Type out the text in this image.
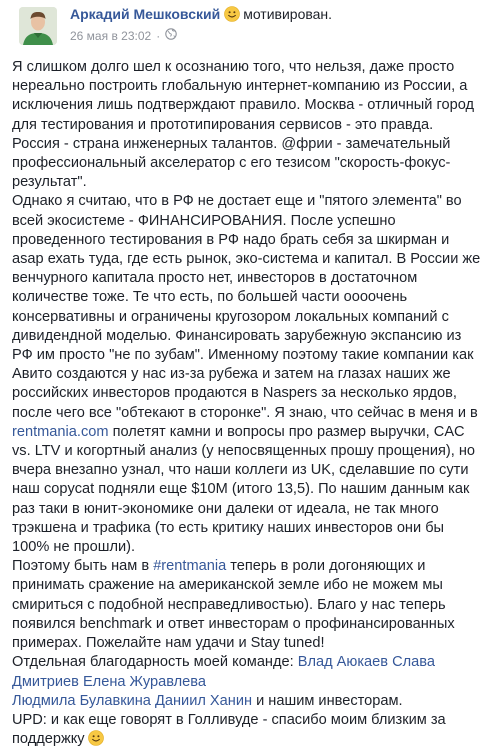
Аркадий Мешковский мотивирован.
26 мая в 23:02 ·

Я слишком долго шел к осознанию того, что нельзя, даже просто нереально построить глобальную интернет-компанию из России, а исключения лишь подтверждают правило. Москва - отличный город для тестирования и прототипирования сервисов - это правда. Россия - страна инженерных талантов. @фрии - замечательный профессиональный акселератор с его тезисом "скорость-фокус-результат".

Однако я считаю, что в РФ не достает еще и "пятого элемента" во всей экосистеме - ФИНАНСИРОВАНИЯ. После успешно проведенного тестирования в РФ надо брать себя за шкирман и asap ехать туда, где есть рынок, эко-система и капитал. В России же венчурного капитала просто нет, инвесторов в достаточном количестве тоже. Те что есть, по большей части оооочень консервативны и ограничены кругозором локальных компаний с дивидендной моделью. Финансировать зарубежную экспансию из РФ им просто "не по зубам". Именному поэтому такие компании как Авито создаются у нас из-за рубежа и затем на глазах наших же российских инвесторов продаются в Naspers за несколько ярдов, после чего все "обтекают в сторонке". Я знаю, что сейчас в меня и в rentmania.com полетят камни и вопросы про размер выручки, CAC vs. LTV и когортный анализ (у непосвященных прошу прощения), но вчера внезапно узнал, что наши коллеги из UK, сделавшие по сути наш copycat подняли еще $10M (итого 13,5). По нашим данным как раз таки в юнит-экономике они далеки от идеала, не так много трэкшена и трафика (то есть критику наших инвесторов они бы 100% не прошли).

Поэтому быть нам в #rentmania теперь в роли догоняющих и принимать сражение на американской земле ибо не можем мы смириться с подобной несправедливостью). Благо у нас теперь появился benchmark и ответ инвесторам о профинансированных примерах. Пожелайте нам удачи и Stay tuned!

Отдельная благодарность моей команде: Влад Аюкаев Слава Дмитриев Елена Журавлева
Людмила Булавкина Даниил Ханин и нашим инвесторам.

UPD: и как еще говорят в Голливуде - спасибо моим близким за поддержку
